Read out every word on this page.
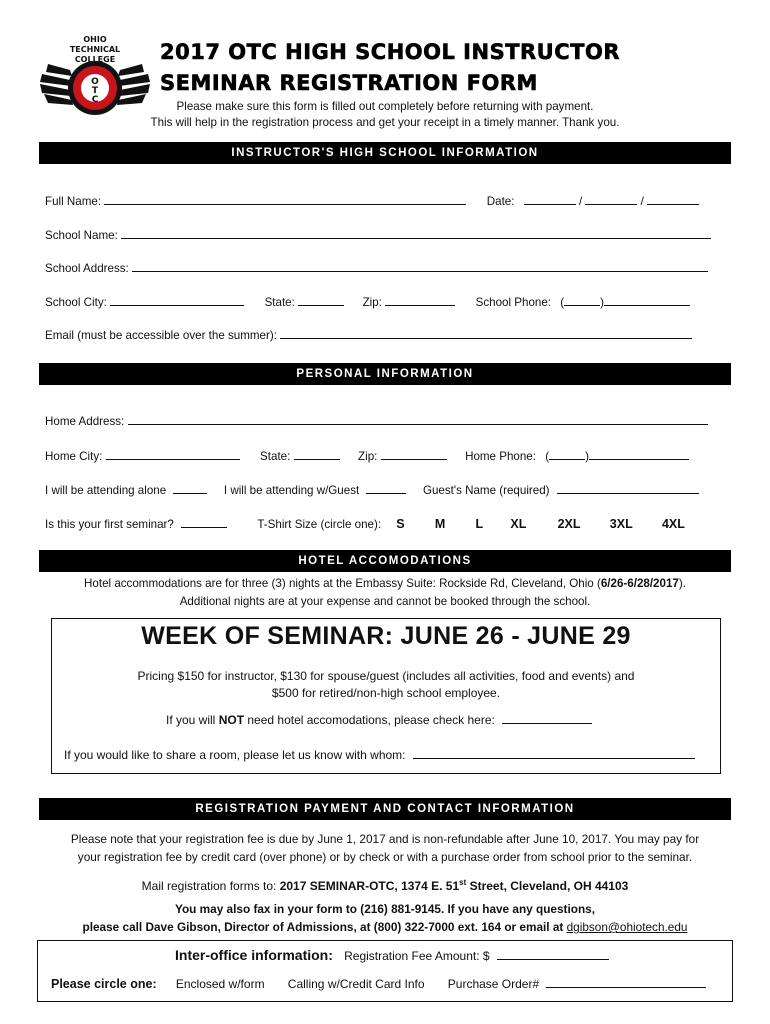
OHIO
TECHNICAL
COLLEGE
O
T
C
2017 OTC HIGH SCHOOL INSTRUCTOR
SEMINAR REGISTRATION FORM
Please make sure this form is filled out completely before returning with payment.
This will help in the registration process and get your receipt in a timely manner. Thank you.
INSTRUCTOR'S HIGH SCHOOL INFORMATION
Full Name:	Date:	/	/
School Name:
School Address:
School City:	State:	Zip:	School Phone: (	)
Email (must be accessible over the summer):
PERSONAL INFORMATION
Home Address:
Home City:	State:	Zip:	Home Phone: (	)
I will be attending alone	I will be attending w/Guest	Guest's Name (required)
Is this your first seminar?	T-Shirt Size (circle one): S M L XL 2XL 3XL 4XL
HOTEL ACCOMODATIONS
Hotel accommodations are for three (3) nights at the Embassy Suite: Rockside Rd, Cleveland, Ohio (6/26-6/28/2017).
Additional nights are at your expense and cannot be booked through the school.
WEEK OF SEMINAR: JUNE 26 - JUNE 29
Pricing $150 for instructor, $130 for spouse/guest (includes all activities, food and events) and
$500 for retired/non-high school employee.
If you will NOT need hotel accomodations, please check here:
If you would like to share a room, please let us know with whom:
REGISTRATION PAYMENT AND CONTACT INFORMATION
Please note that your registration fee is due by June 1, 2017 and is non-refundable after June 10, 2017. You may pay for
your registration fee by credit card (over phone) or by check or with a purchase order from school prior to the seminar.
Mail registration forms to: 2017 SEMINAR-OTC, 1374 E. 51st Street, Cleveland, OH 44103
You may also fax in your form to (216) 881-9145. If you have any questions,
please call Dave Gibson, Director of Admissions, at (800) 322-7000 ext. 164 or email at dgibson@ohiotech.edu
Inter-office information: Registration Fee Amount: $
Please circle one: Enclosed w/form Calling w/Credit Card Info Purchase Order#
